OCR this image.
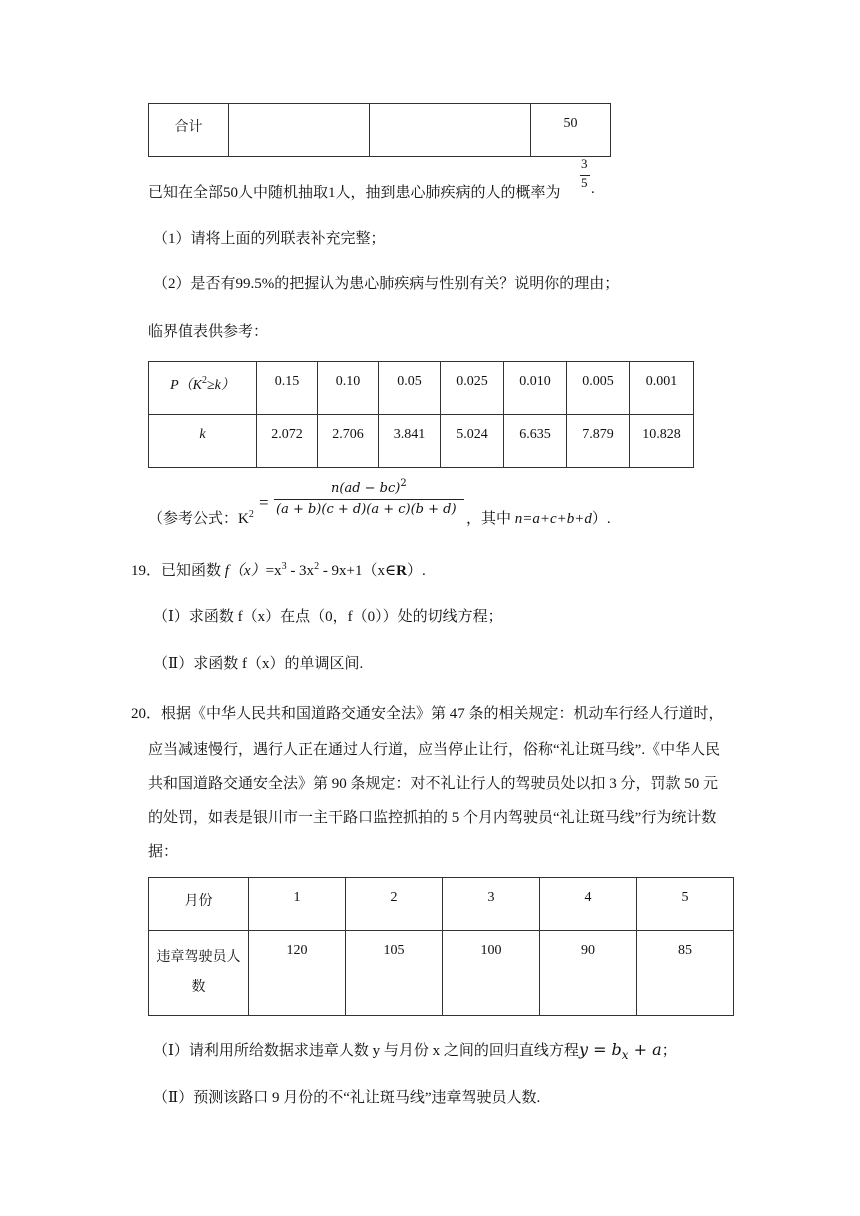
合计			50
已知在全部50人中随机抽取1人，抽到患心肺疾病的人的概率为
3
5 .
（1）请将上面的列联表补充完整；
（2）是否有99.5%的把握认为患心肺疾病与性别有关？说明你的理由；
临界值表供参考：
$P(K^2\ge k)$	0.15	0.10	0.05	0.025	0.010	0.005	0.001
k	2.072	2.706	3.841	5.024	6.635	7.879	10.828
（参考公式：$K^2$
=
n(ad − bc)$^2$
(a + b)(c + d)(a + c)(b + d)
，其中 n=a+c+b+d）.
19．已知函数 $f(x)=x^3 - 3x^2$ - 9x+1（x∈R）.
（Ⅰ）求函数 f（x）在点（0，f（0））处的切线方程；
（Ⅱ）求函数 f（x）的单调区间.
20．根据《中华人民共和国道路交通安全法》第 47 条的相关规定：机动车行经人行道时，
应当减速慢行，遇行人正在通过人行道，应当停止让行，俗称“礼让斑马线”.《中华人民
共和国道路交通安全法》第 90 条规定：对不礼让行人的驾驶员处以扣 3 分，罚款 50 元
的处罚，如表是银川市一主干路口监控抓拍的 5 个月内驾驶员“礼让斑马线”行为统计数
据：
月份	1	2	3	4	5
违章驾驶员人
数	120	105	100	90	85
（Ⅰ）请利用所给数据求违章人数 y 与月份 x 之间的回归直线方程$y = b_x + a$；
（Ⅱ）预测该路口 9 月份的不“礼让斑马线”违章驾驶员人数.
